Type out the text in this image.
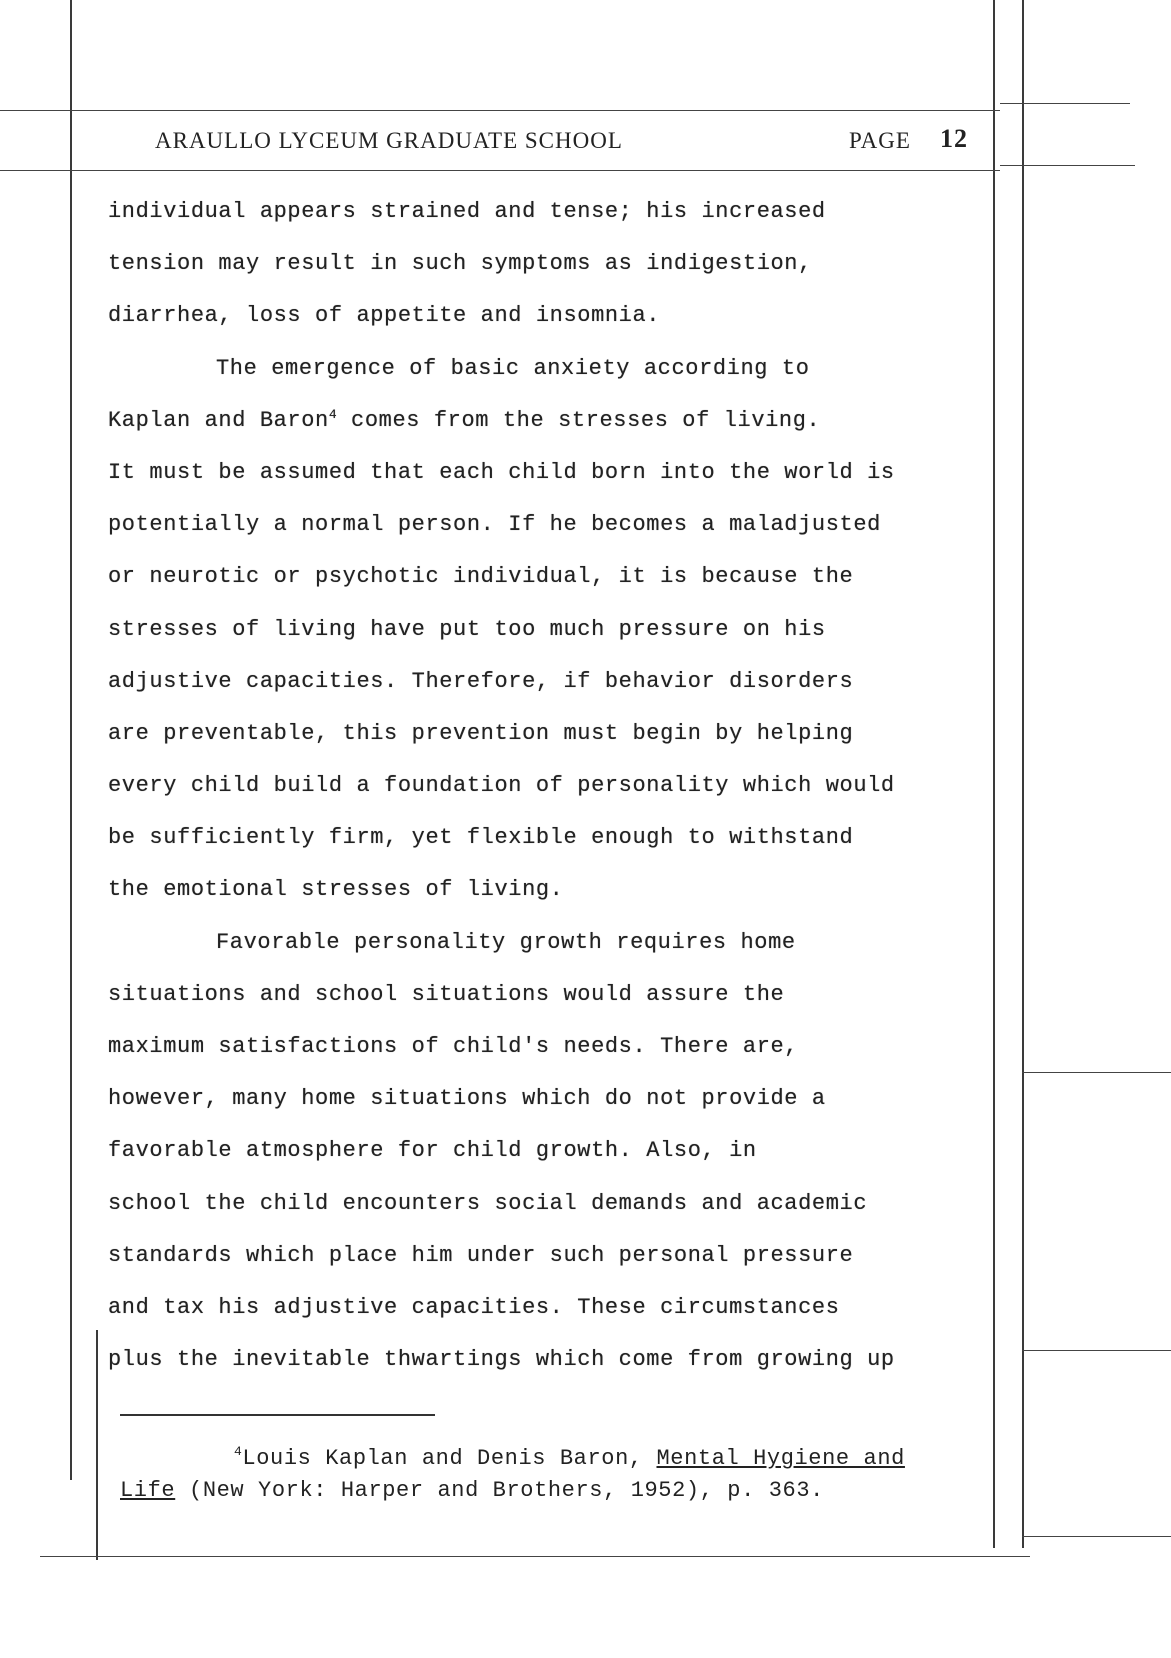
ARAULLO LYCEUM GRADUATE SCHOOL	PAGE 12
individual appears strained and tense; his increased
tension may result in such symptoms as indigestion,
diarrhea, loss of appetite and insomnia.
The emergence of basic anxiety according to
Kaplan and Baron$^4$ comes from the stresses of living.
It must be assumed that each child born into the world is
potentially a normal person. If he becomes a maladjusted
or neurotic or psychotic individual, it is because the
stresses of living have put too much pressure on his
adjustive capacities. Therefore, if behavior disorders
are preventable, this prevention must begin by helping
every child build a foundation of personality which would
be sufficiently firm, yet flexible enough to withstand
the emotional stresses of living.
Favorable personality growth requires home
situations and school situations would assure the
maximum satisfactions of child's needs. There are,
however, many home situations which do not provide a
favorable atmosphere for child growth. Also, in
school the child encounters social demands and academic
standards which place him under such personal pressure
and tax his adjustive capacities. These circumstances
plus the inevitable thwartings which come from growing up
$^4$Louis Kaplan and Denis Baron, Mental Hygiene and
Life (New York: Harper and Brothers, 1952), p. 363.
